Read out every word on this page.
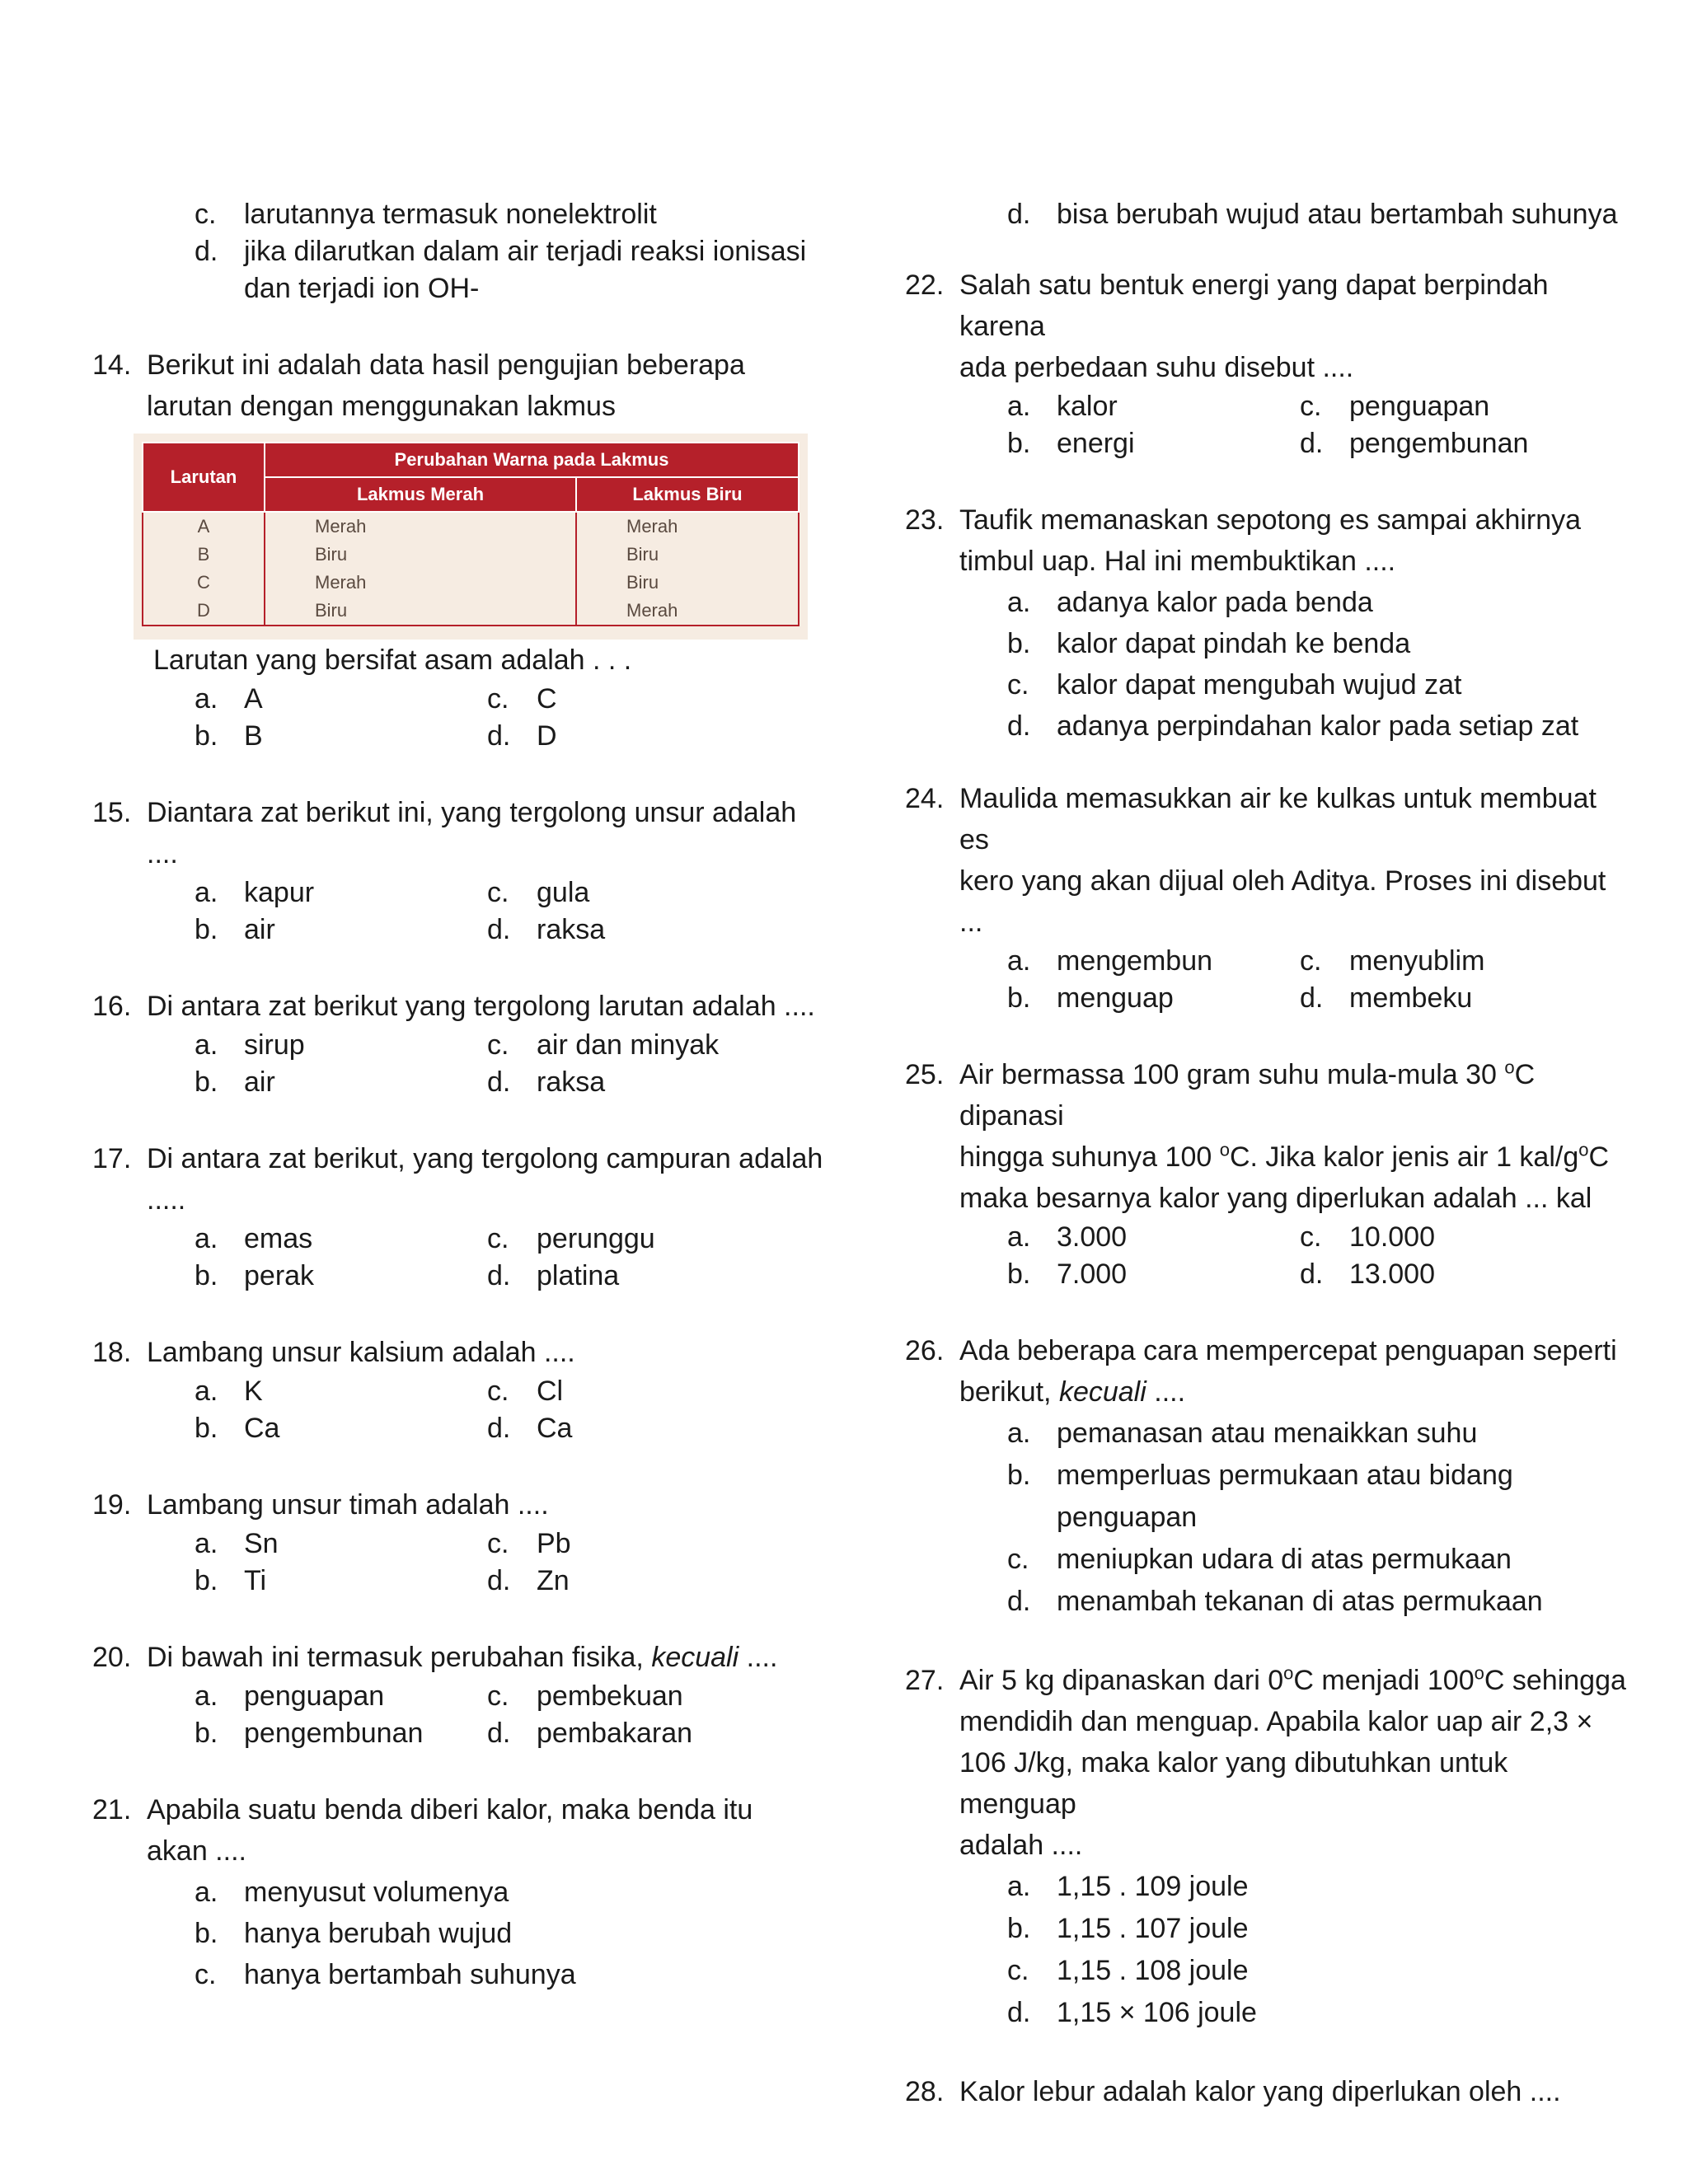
c. larutannya termasuk nonelektrolit
d. jika dilarutkan dalam air terjadi reaksi ionisasi
dan terjadi ion OH-
14. Berikut ini adalah data hasil pengujian beberapa
larutan dengan menggunakan lakmus
Larutan	Perubahan Warna pada Lakmus	
	Lakmus Merah	Lakmus Biru
A	Merah	Merah
B	Biru	Biru
C	Merah	Biru
D	Biru	Merah
Larutan yang bersifat asam adalah . . .
a. A	c. C
b. B	d. D
15. Diantara zat berikut ini, yang tergolong unsur adalah
....
a. kapur	c. gula
b. air	d. raksa
16. Di antara zat berikut yang tergolong larutan adalah ....
a. sirup	c. air dan minyak
b. air	d. raksa
17. Di antara zat berikut, yang tergolong campuran adalah
.....
a. emas	c. perunggu
b. perak	d. platina
18. Lambang unsur kalsium adalah ....
a. K	c. Cl
b. Ca	d. Ca
19. Lambang unsur timah adalah ....
a. Sn	c. Pb
b. Ti	d. Zn
20. Di bawah ini termasuk perubahan fisika, kecuali ....
a. penguapan	c. pembekuan
b. pengembunan	d. pembakaran
21. Apabila suatu benda diberi kalor, maka benda itu
akan ....
a. menyusut volumenya
b. hanya berubah wujud
c. hanya bertambah suhunya
d. bisa berubah wujud atau bertambah suhunya
22. Salah satu bentuk energi yang dapat berpindah karena
ada perbedaan suhu disebut ....
a. kalor	c. penguapan
b. energi	d. pengembunan
23. Taufik memanaskan sepotong es sampai akhirnya
timbul uap. Hal ini membuktikan ....
a. adanya kalor pada benda
b. kalor dapat pindah ke benda
c. kalor dapat mengubah wujud zat
d. adanya perpindahan kalor pada setiap zat
24. Maulida memasukkan air ke kulkas untuk membuat es
kero yang akan dijual oleh Aditya. Proses ini disebut ...
a. mengembun	c. menyublim
b. menguap	d. membeku
25. Air bermassa 100 gram suhu mula-mula 30 $^o$C dipanasi
hingga suhunya 100 $^o$C. Jika kalor jenis air 1 kal/$g^oC$
maka besarnya kalor yang diperlukan adalah ... kal
a. 3.000	c. 10.000
b. 7.000	d. 13.000
26. Ada beberapa cara mempercepat penguapan seperti
berikut, kecuali ....
a. pemanasan atau menaikkan suhu
b. memperluas permukaan atau bidang
penguapan
c. meniupkan udara di atas permukaan
d. menambah tekanan di atas permukaan
27. Air 5 kg dipanaskan dari 0$^o$C menjadi 100$^o$C sehingga
mendidih dan menguap. Apabila kalor uap air 2,3 ×
106 J/kg, maka kalor yang dibutuhkan untuk menguap
adalah ....
a. 1,15 . 109 joule
b. 1,15 . 107 joule
c. 1,15 . 108 joule
d. 1,15 × 106 joule
28. Kalor lebur adalah kalor yang diperlukan oleh ....
